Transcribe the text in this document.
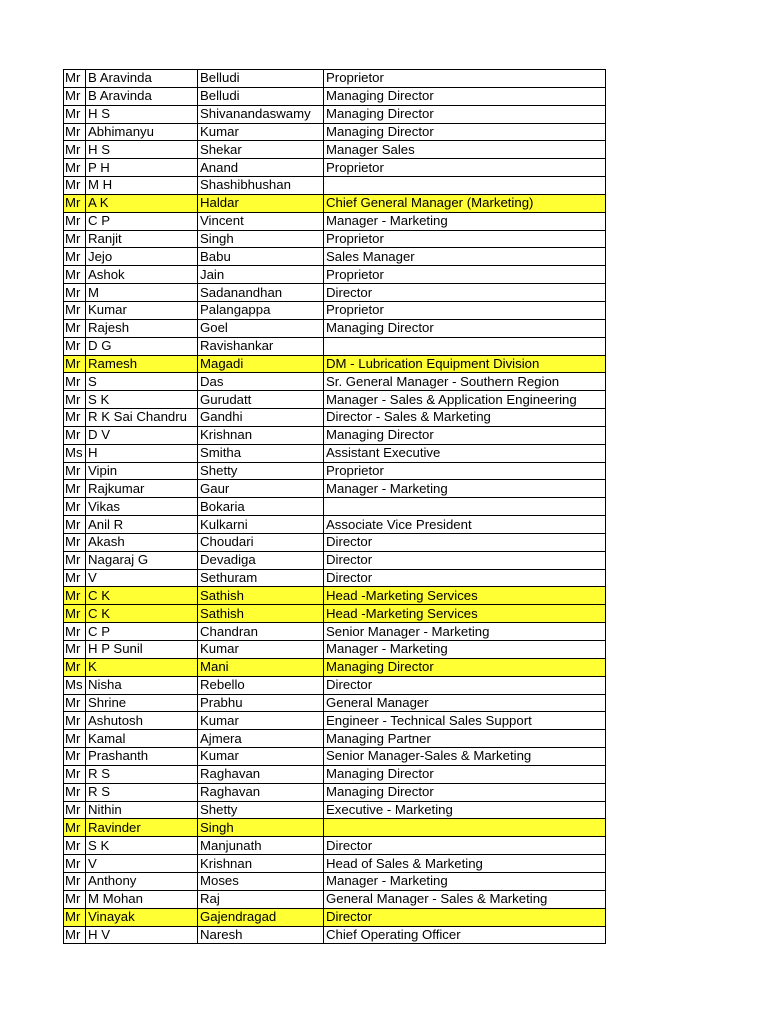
Mr	B Aravinda	Belludi	Proprietor
Mr	B Aravinda	Belludi	Managing Director
Mr	H S	Shivanandaswamy	Managing Director
Mr	Abhimanyu	Kumar	Managing Director
Mr	H S	Shekar	Manager Sales
Mr	P H	Anand	Proprietor
Mr	M H	Shashibhushan	
Mr	A K	Haldar	Chief General Manager (Marketing)
Mr	C P	Vincent	Manager - Marketing
Mr	Ranjit	Singh	Proprietor
Mr	Jejo	Babu	Sales Manager
Mr	Ashok	Jain	Proprietor
Mr	M	Sadanandhan	Director
Mr	Kumar	Palangappa	Proprietor
Mr	Rajesh	Goel	Managing Director
Mr	D G	Ravishankar	
Mr	Ramesh	Magadi	DM - Lubrication Equipment Division
Mr	S	Das	Sr. General Manager - Southern Region
Mr	S K	Gurudatt	Manager - Sales & Application Engineering
Mr	R K Sai Chandru	Gandhi	Director - Sales & Marketing
Mr	D V	Krishnan	Managing Director
Ms	H	Smitha	Assistant Executive
Mr	Vipin	Shetty	Proprietor
Mr	Rajkumar	Gaur	Manager - Marketing
Mr	Vikas	Bokaria	
Mr	Anil R	Kulkarni	Associate Vice President
Mr	Akash	Choudari	Director
Mr	Nagaraj G	Devadiga	Director
Mr	V	Sethuram	Director
Mr	C K	Sathish	Head -Marketing Services
Mr	C K	Sathish	Head -Marketing Services
Mr	C P	Chandran	Senior Manager - Marketing
Mr	H P Sunil	Kumar	Manager - Marketing
Mr	K	Mani	Managing Director
Ms	Nisha	Rebello	Director
Mr	Shrine	Prabhu	General Manager
Mr	Ashutosh	Kumar	Engineer - Technical Sales Support
Mr	Kamal	Ajmera	Managing Partner
Mr	Prashanth	Kumar	Senior Manager-Sales & Marketing
Mr	R S	Raghavan	Managing Director
Mr	R S	Raghavan	Managing Director
Mr	Nithin	Shetty	Executive - Marketing
Mr	Ravinder	Singh	
Mr	S K	Manjunath	Director
Mr	V	Krishnan	Head of Sales & Marketing
Mr	Anthony	Moses	Manager - Marketing
Mr	M Mohan	Raj	General Manager - Sales & Marketing
Mr	Vinayak	Gajendragad	Director
Mr	H V	Naresh	Chief Operating Officer
